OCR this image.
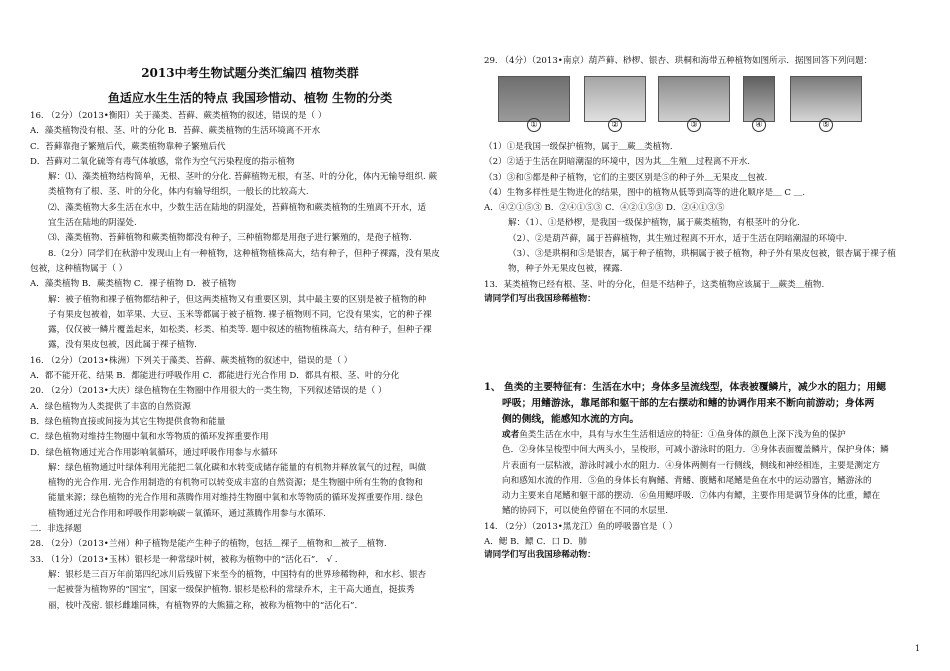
2013中考生物试题分类汇编四 植物类群
鱼适应水生生活的特点 我国珍惜动、植物 生物的分类
16. （2分）（2013•衡阳）关于藻类、苔藓、蕨类植物的叙述，错误的是（ ）
A．藻类植物没有根、茎、叶的分化 B．苔藓、蕨类植物的生活环境离不开水
C．苔藓靠孢子繁殖后代，蕨类植物靠种子繁殖后代
D．苔藓对二氧化硫等有毒气体敏感，常作为空气污染程度的指示植物
解：⑴、藻类植物结构简单，无根、茎叶的分化. 苔藓植物无根，有茎、叶的分化，体内无输导组织. 蕨
类植物有了根、茎、叶的分化，体内有输导组织，一般长的比较高大.
⑵、藻类植物大多生活在水中，少数生活在陆地的阴湿处，苔藓植物和蕨类植物的生殖离不开水，适
宜生活在陆地的阴湿处.
⑶、藻类植物、苔藓植物和蕨类植物都没有种子，三种植物都是用孢子进行繁殖的，是孢子植物.
8.（2分）同学们在秋游中发现山上有一种植物，这种植物植株高大，结有种子，但种子裸露，没有果皮
包被，这种植物属于（ ）
A．藻类植物 B．蕨类植物 C．裸子植物 D．被子植物
解：被子植物和裸子植物都结种子，但这两类植物又有重要区别，其中最主要的区别是被子植物的种
子有果皮包被着，如苹果、大豆、玉米等都属于被子植物. 裸子植物则不同，它没有果实，它的种子裸
露，仅仅被一鳞片覆盖起来，如松类、杉类、柏类等. 题中叙述的植物植株高大，结有种子，但种子裸
露，没有果皮包被，因此属于裸子植物.
16. （2分）（2013•株洲）下列关于藻类、苔藓、蕨类植物的叙述中，错误的是（ ）
A．都不能开花、结果 B．都能进行呼吸作用 C．都能进行光合作用 D．都具有根、茎、叶的分化
20. （2分）（2013•大庆）绿色植物在生物圈中作用很大的一类生物，下列叙述错误的是（ ）
A．绿色植物为人类提供了丰富的自然资源
B．绿色植物直接或间接为其它生物提供食物和能量
C．绿色植物对维持生物圈中氧和水等物质的循环发挥重要作用
D．绿色植物通过光合作用影响氧循环，通过呼吸作用参与水循环
解：绿色植物通过叶绿体利用光能把二氧化碳和水转变成储存能量的有机物并释放氧气的过程，叫做
植物的光合作用. 光合作用制造的有机物可以转变成丰富的自然资源；是生物圈中所有生物的食物和
能量来源；绿色植物的光合作用和蒸腾作用对维持生物圈中氧和水等物质的循环发挥重要作用. 绿色
植物通过光合作用和呼吸作用影响碳－氧循环，通过蒸腾作用参与水循环.
二．非选择题
28. （2分）（2013•兰州）种子植物是能产生种子的植物，包括＿裸子＿植物和＿被子＿植物.
33. （1分）（2013•玉林）银杉是一种常绿叶树，被称为植物中的“活化石”． √ ．
解：银杉是三百万年前第四纪冰川后残留下来至今的植物，中国特有的世界珍稀物种，和水杉、银杏
一起被誉为植物界的“国宝”，国家一级保护植物. 银杉是松科的常绿乔木，主干高大通直，挺拔秀
丽，枝叶茂密. 银杉雌雄同株，有植物界的大熊猫之称，被称为植物中的“活化石”．
29. （4分）（2013•南京）葫芦藓、桫椤、银杏、珙桐和海带五种植物如图所示．据图回答下列问题：
①	②	③	④	⑤
（1）①是我国一级保护植物，属于＿蕨＿类植物.
（2）②适于生活在阴暗潮湿的环境中，因为其＿生殖＿过程离不开水.
（3）③和⑤都是种子植物，它们的主要区别是⑤的种子外＿无果皮＿包被.
（4）生物多样性是生物进化的结果，图中的植物从低等到高等的进化顺序是＿ C ＿.
A．④②①⑤③ B．②④①⑤③ C．④②①⑤③ D．②④①③⑤
解：（1）、①是桫椤，是我国一级保护植物，属于蕨类植物，有根茎叶的分化.
（2）、②是葫芦藓，属于苔藓植物，其生殖过程离不开水，适于生活在阴暗潮湿的环境中.
（3）、③是珙桐和⑤是银杏，属于种子植物，珙桐属于被子植物，种子外有果皮包被，银杏属于裸子植
物，种子外无果皮包被，裸露.
13．某类植物已经有根、茎、叶的分化，但是不结种子，这类植物应该属于＿蕨类＿植物.
请同学们写出我国珍稀植物：
1、 鱼类的主要特征有：生活在水中；身体多呈流线型，体表被覆鳞片，减少水的阻力；用鳃
呼吸；用鳍游泳，靠尾部和躯干部的左右摆动和鳍的协调作用来不断向前游动；身体两
侧的侧线，能感知水流的方向。
或者鱼类生活在水中，具有与水生生活相适应的特征：①鱼身体的颜色上深下浅为鱼的保护
色．②身体呈梭型中间大两头小，呈梭形，可减小游泳时的阻力．③身体表面覆盖鳞片，保护身体；鳞
片表面有一层粘液，游泳时减小水的阻力．④身体两侧有一行侧线，侧线和神经相连，主要是测定方
向和感知水流的作用．⑤鱼的身体长有胸鳍、背鳍、腹鳍和尾鳍是鱼在水中的运动器官，鳍游泳的
动力主要来自尾鳍和躯干部的摆动．⑥鱼用鳃呼吸．⑦体内有鳔，主要作用是调节身体的比重，鳔在
鳍的协同下，可以使鱼停留在不同的水层里.
14. （2分）（2013•黑龙江）鱼的呼吸器官是（ ）
A．鳃 B．鳔 C．口 D．肺
请同学们写出我国珍稀动物：
1
